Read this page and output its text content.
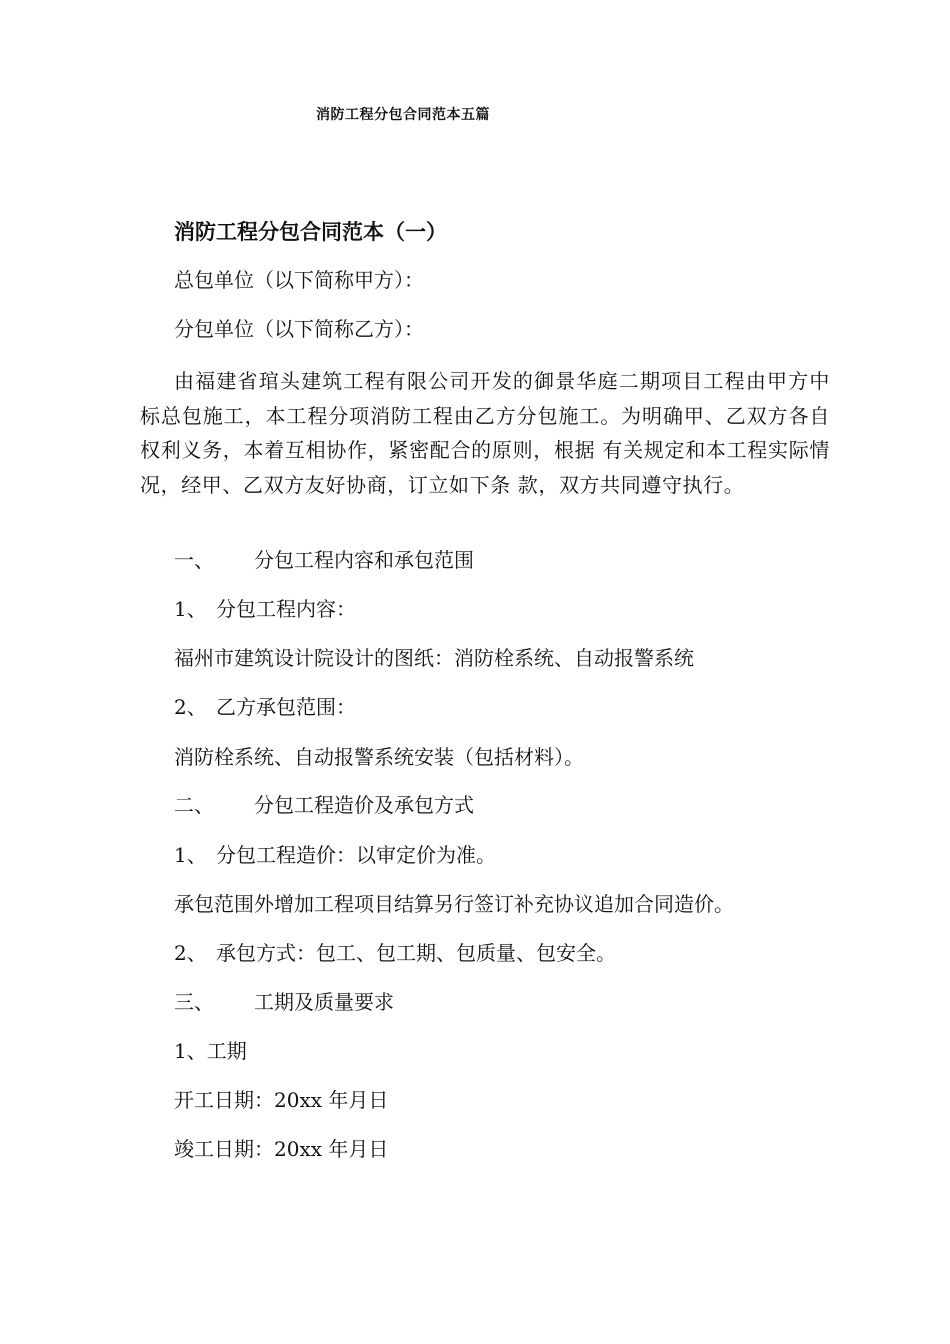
消防工程分包合同范本五篇
消防工程分包合同范本（一）
总包单位（以下简称甲方）：
分包单位（以下简称乙方）：
由福建省琯头建筑工程有限公司开发的御景华庭二期项目工程由甲方中标总包施工，本工程分项消防工程由乙方分包施工。为明确甲、乙双方各自权利义务，本着互相协作，紧密配合的原则，根据 有关规定和本工程实际情况，经甲、乙双方友好协商，订立如下条 款，双方共同遵守执行。
一、 分包工程内容和承包范围
1、 分包工程内容：
福州市建筑设计院设计的图纸：消防栓系统、自动报警系统
2、 乙方承包范围：
消防栓系统、自动报警系统安装（包括材料）。
二、 分包工程造价及承包方式
1、 分包工程造价：以审定价为准。
承包范围外增加工程项目结算另行签订补充协议追加合同造价。
2、 承包方式：包工、包工期、包质量、包安全。
三、 工期及质量要求
1、工期
开工日期：20xx 年月日
竣工日期：20xx 年月日
